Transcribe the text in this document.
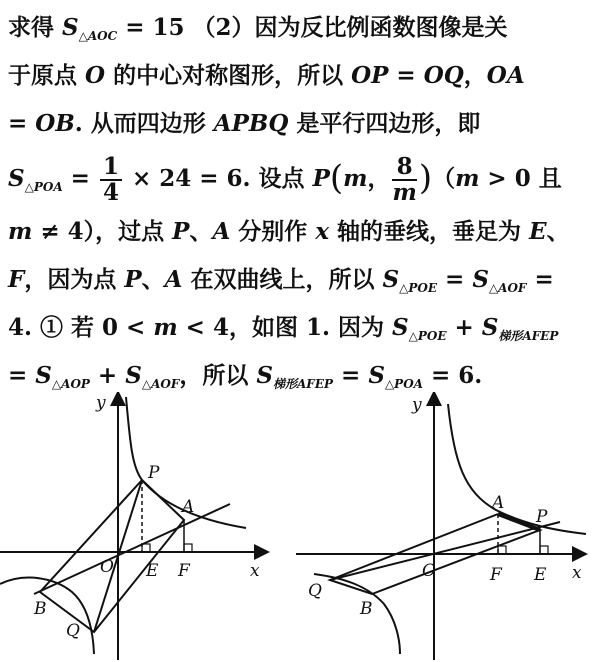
求得 $S_{\triangle AOC} = 15$ （2）因为反比例函数图像是关
于原点 O 的中心对称图形，所以 OP = OQ，OA
= OB. 从而四边形 APBQ 是平行四边形，即
$S_{\triangle POA} = \frac{1}{4} \times 24 = 6$. 设点 P(m， $\frac{8}{m} )(m > 0$ 且
m ≠ 4），过点 P、A 分别作 x 轴的垂线，垂足为 E、
F，因为点 P、A 在双曲线上，所以 $S_{\triangle POE} = S_{\triangle AOF}$ =
4. ① 若 0 < m < 4，如图 1. 因为 $S_{\triangle POE} + S_{梯形AFEP}$
= $S_{\triangle AOP} + S_{\triangle AOF}$，所以 $S_{梯形AFEP} = S_{\triangle POA} = 6$.
y
x
P
A
O E F
B
Q
y
x
A
P
O	F E
Q
B
